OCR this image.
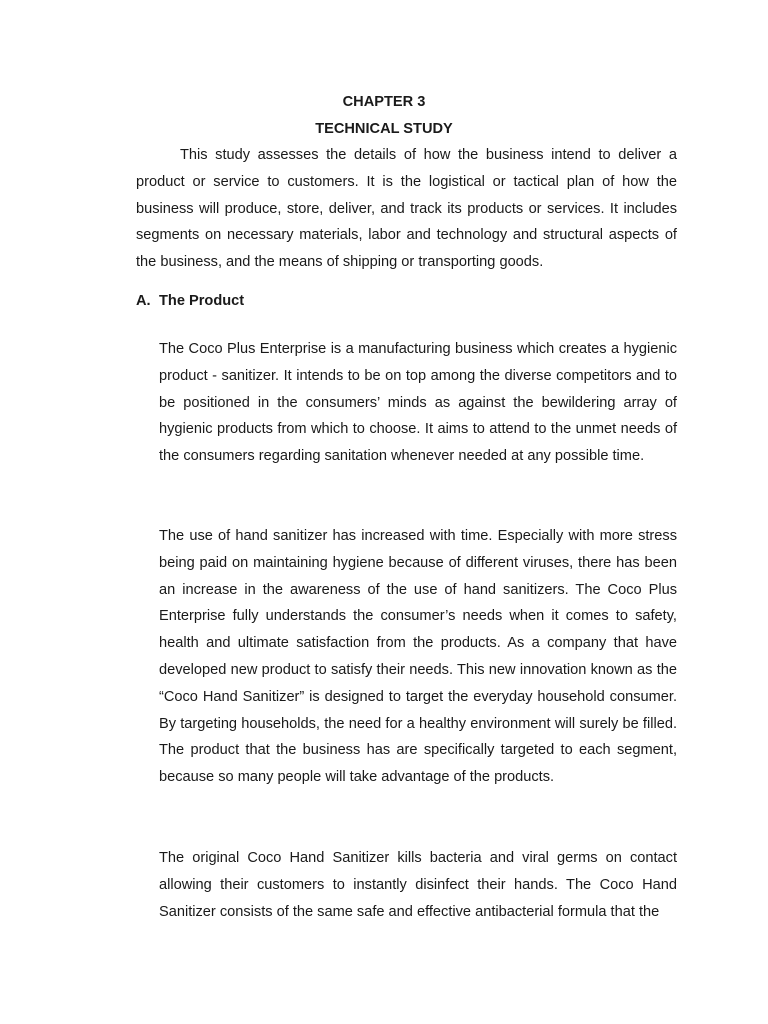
CHAPTER 3
TECHNICAL STUDY

This study assesses the details of how the business intend to deliver a product or service to customers. It is the logistical or tactical plan of how the business will produce, store, deliver, and track its products or services. It includes segments on necessary materials, labor and technology and structural aspects of the business, and the means of shipping or transporting goods.

A. The Product

The Coco Plus Enterprise is a manufacturing business which creates a hygienic product - sanitizer. It intends to be on top among the diverse competitors and to be positioned in the consumers’ minds as against the bewildering array of hygienic products from which to choose. It aims to attend to the unmet needs of the consumers regarding sanitation whenever needed at any possible time.

The use of hand sanitizer has increased with time. Especially with more stress being paid on maintaining hygiene because of different viruses, there has been an increase in the awareness of the use of hand sanitizers. The Coco Plus Enterprise fully understands the consumer’s needs when it comes to safety, health and ultimate satisfaction from the products. As a company that have developed new product to satisfy their needs. This new innovation known as the “Coco Hand Sanitizer” is designed to target the everyday household consumer. By targeting households, the need for a healthy environment will surely be filled. The product that the business has are specifically targeted to each segment, because so many people will take advantage of the products.

The original Coco Hand Sanitizer kills bacteria and viral germs on contact allowing their customers to instantly disinfect their hands. The Coco Hand Sanitizer consists of the same safe and effective antibacterial formula that the
